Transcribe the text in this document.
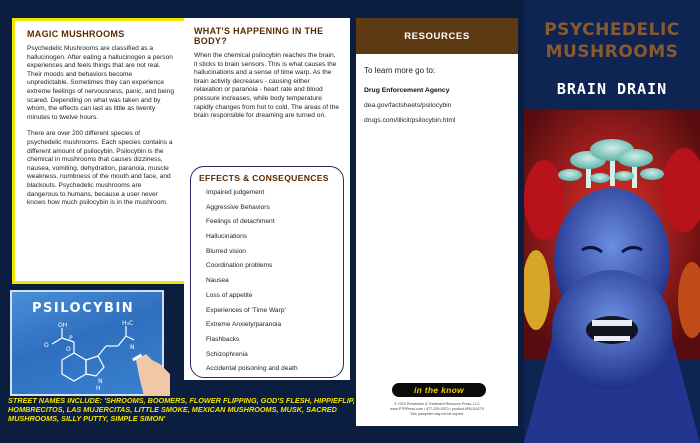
MAGIC MUSHROOMS

Psychedelic Mushrooms are classified as a hallucinogen. After eating a hallucinogen a person experiences and feels things that are not real. Their moods and behaviors become unpredictable. Sometimes they can experience extreme feelings of nervousness, panic, and being scared. Depending on what was taken and by whom, the effects can last as little as twenty minutes to twelve hours.

There are over 200 different species of psychedelic mushrooms. Each species contains a different amount of psilocybin. Psilocybin is the chemical in mushrooms that causes dizziness, nausea, vomiting, dehydration, paranoia, muscle weakness, numbness of the mouth and face, and blackouts. Psychedelic mushrooms are dangerous to humans, because a user never knows how much psilocybin is in the mushroom.

PSILOCYBIN
OH
O
P
O
H₃C
N
N
H
STREET NAMES INCLUDE: 'SHROOMS, BOOMERS, FLOWER FLIPPING, GOD'S FLESH, HIPPIEFLIP, HOMBRECITOS, LAS MUJERCITAS, LITTLE SMOKE, MEXICAN MUSHROOMS, MUSK, SACRED MUSHROOMS, SILLY PUTTY, SIMPLE SIMON'
WHAT'S HAPPENING IN THE BODY?

When the chemical psilocybin reaches the brain, it sticks to brain sensors. This is what causes the hallucinations and a sense of time warp. As the brain activity decreases - causing either relaxation or paranoia - heart rate and blood pressure increases, while body temperature rapidly changes from hot to cold. The areas of the brain responsible for dreaming are turned on.

EFFECTS & CONSEQUENCES
Impaired judgement
Aggressive Behaviors
Feelings of detachment
Hallucinations
Blurred vision
Coordination problems
Nausea
Loss of appetite
Experiences of 'Time Warp'
Extreme Anxiety/paranoia
Flashbacks
Schizophrenia
Accidental poisoning and death
RESOURCES
To learn more go to:
Drug Enforcement Agency
dea.gov/factsheets/psilocybin
drugs.com/illicit/psilocybin.html
in the know
© 2023 Prevention & Treatment Resource Press, LLC
www.PTRPress.com • 877-329-0570 • product #PB-DA279
This pamphlet may not be copied.
PSYCHEDELIC
MUSHROOMS
BRAIN DRAIN
